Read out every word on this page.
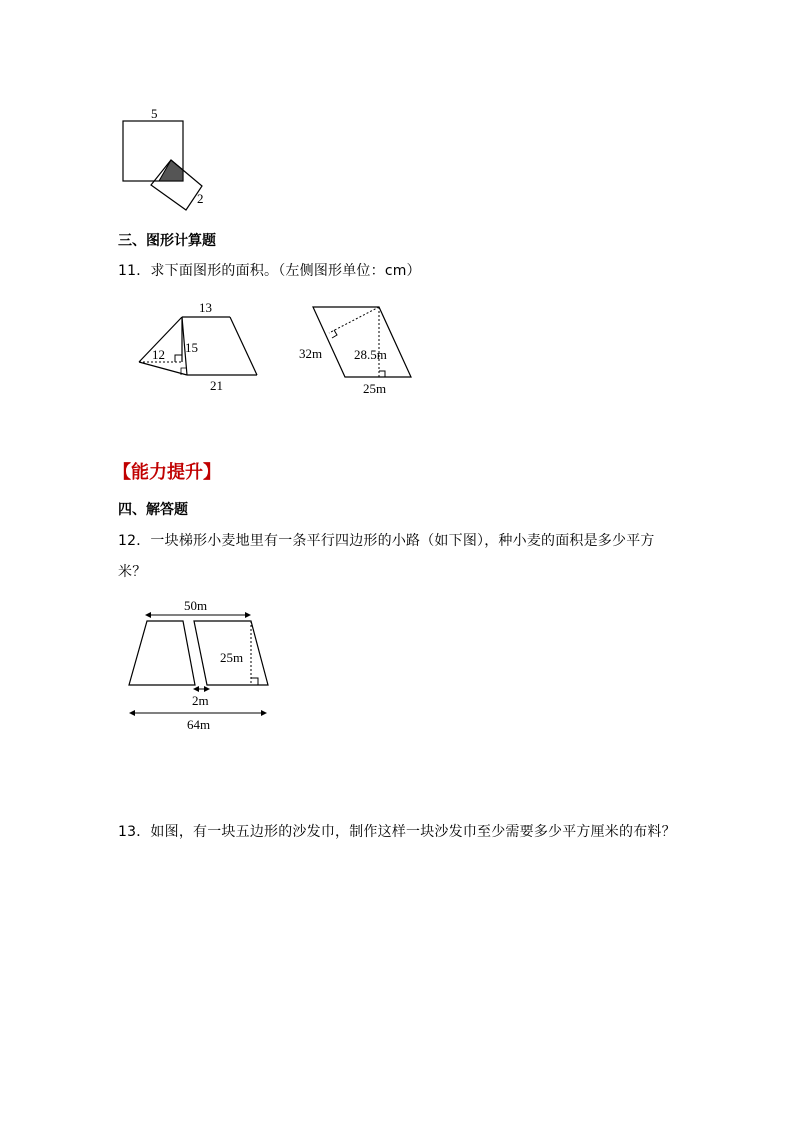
5
2
三、图形计算题
11．求下面图形的面积。（左侧图形单位：cm）
13
15
12
21
32m 28.5m
25m
【能力提升】
四、解答题
12．一块梯形小麦地里有一条平行四边形的小路（如下图），种小麦的面积是多少平方
米？
50m
25m
2m
64m
13．如图，有一块五边形的沙发巾，制作这样一块沙发巾至少需要多少平方厘米的布料？
